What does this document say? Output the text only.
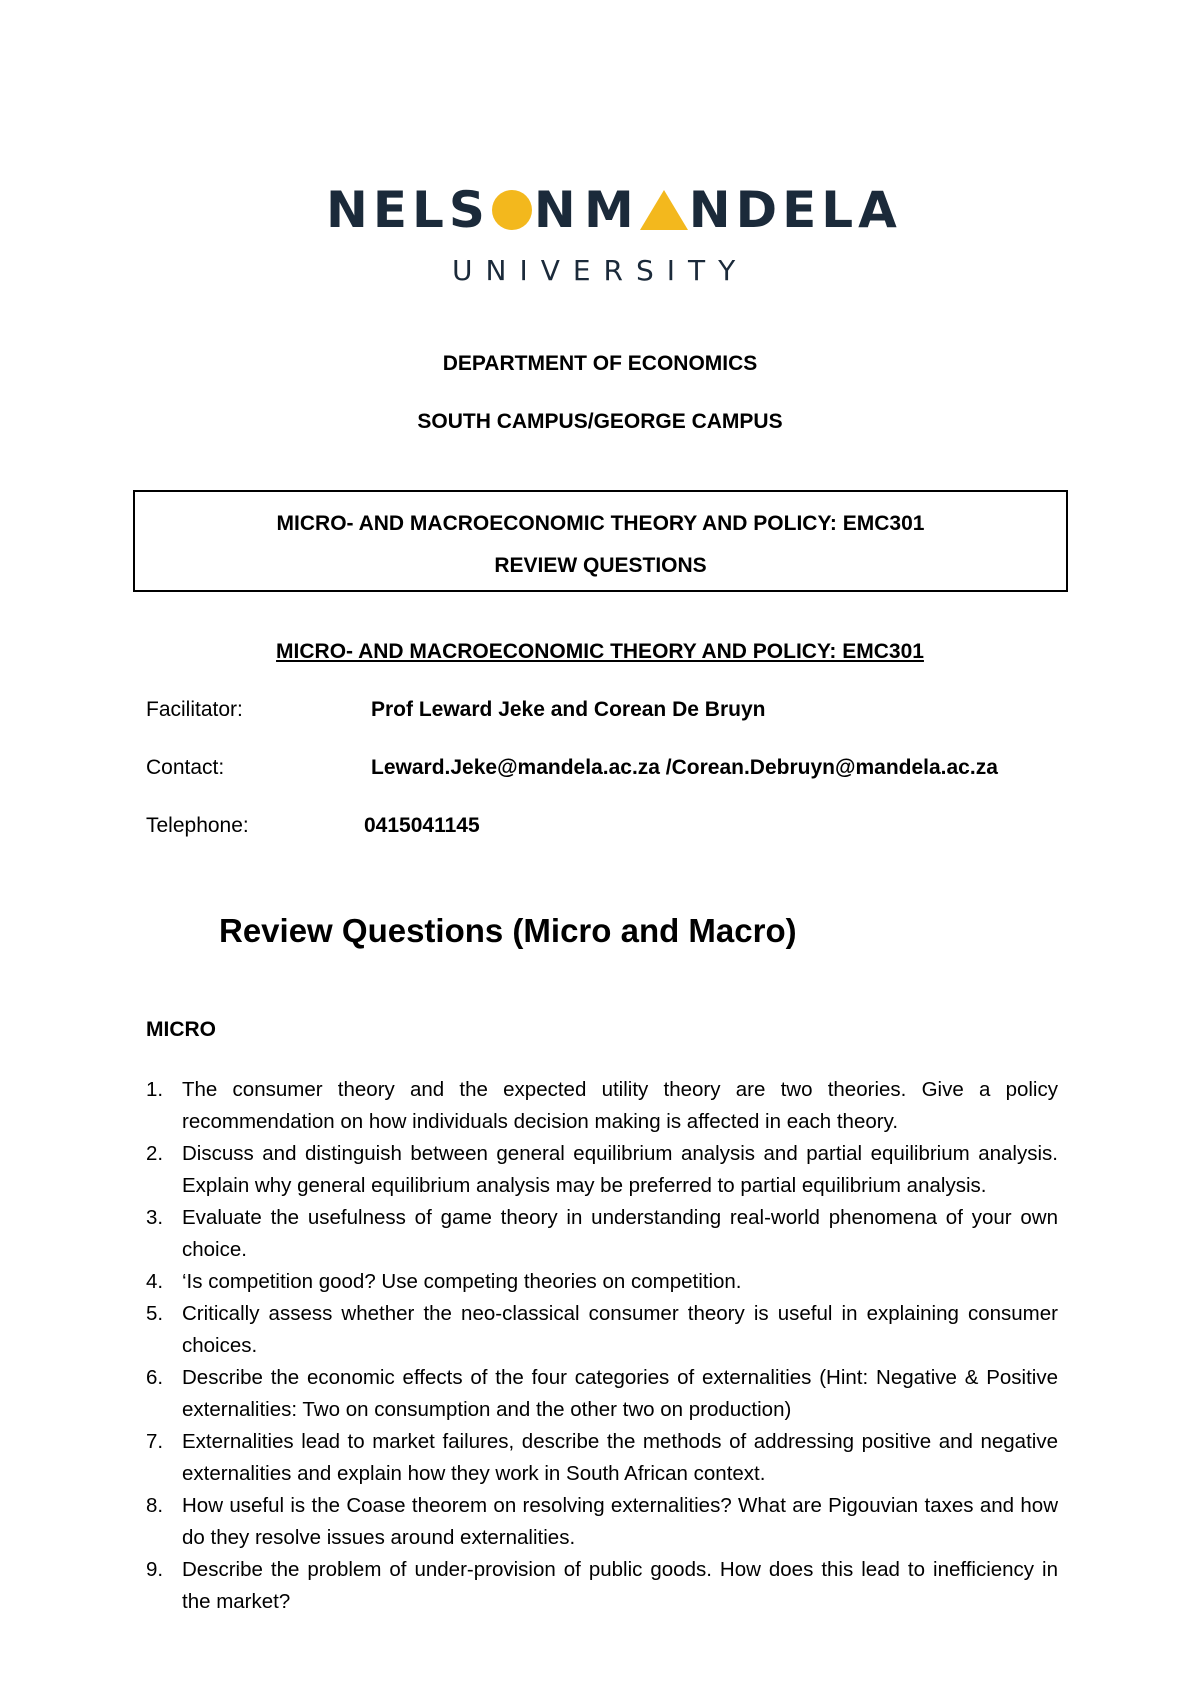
NELS N M NDELA
UNIVERSITY
DEPARTMENT OF ECONOMICS
SOUTH CAMPUS/GEORGE CAMPUS
MICRO- AND MACROECONOMIC THEORY AND POLICY: EMC301
REVIEW QUESTIONS
MICRO- AND MACROECONOMIC THEORY AND POLICY: EMC301
Facilitator:	Prof Leward Jeke and Corean De Bruyn
Contact:	Leward.Jeke@mandela.ac.za /Corean.Debruyn@mandela.ac.za
Telephone:	0415041145
Review Questions (Micro and Macro)
MICRO
1. The consumer theory and the expected utility theory are two theories. Give a policy recommendation on how individuals decision making is affected in each theory.
2. Discuss and distinguish between general equilibrium analysis and partial equilibrium analysis. Explain why general equilibrium analysis may be preferred to partial equilibrium analysis.
3. Evaluate the usefulness of game theory in understanding real-world phenomena of your own choice.
4. ‘Is competition good? Use competing theories on competition.
5. Critically assess whether the neo-classical consumer theory is useful in explaining consumer choices.
6. Describe the economic effects of the four categories of externalities (Hint: Negative & Positive externalities: Two on consumption and the other two on production)
7. Externalities lead to market failures, describe the methods of addressing positive and negative externalities and explain how they work in South African context.
8. How useful is the Coase theorem on resolving externalities? What are Pigouvian taxes and how do they resolve issues around externalities.
9. Describe the problem of under-provision of public goods. How does this lead to inefficiency in the market?
